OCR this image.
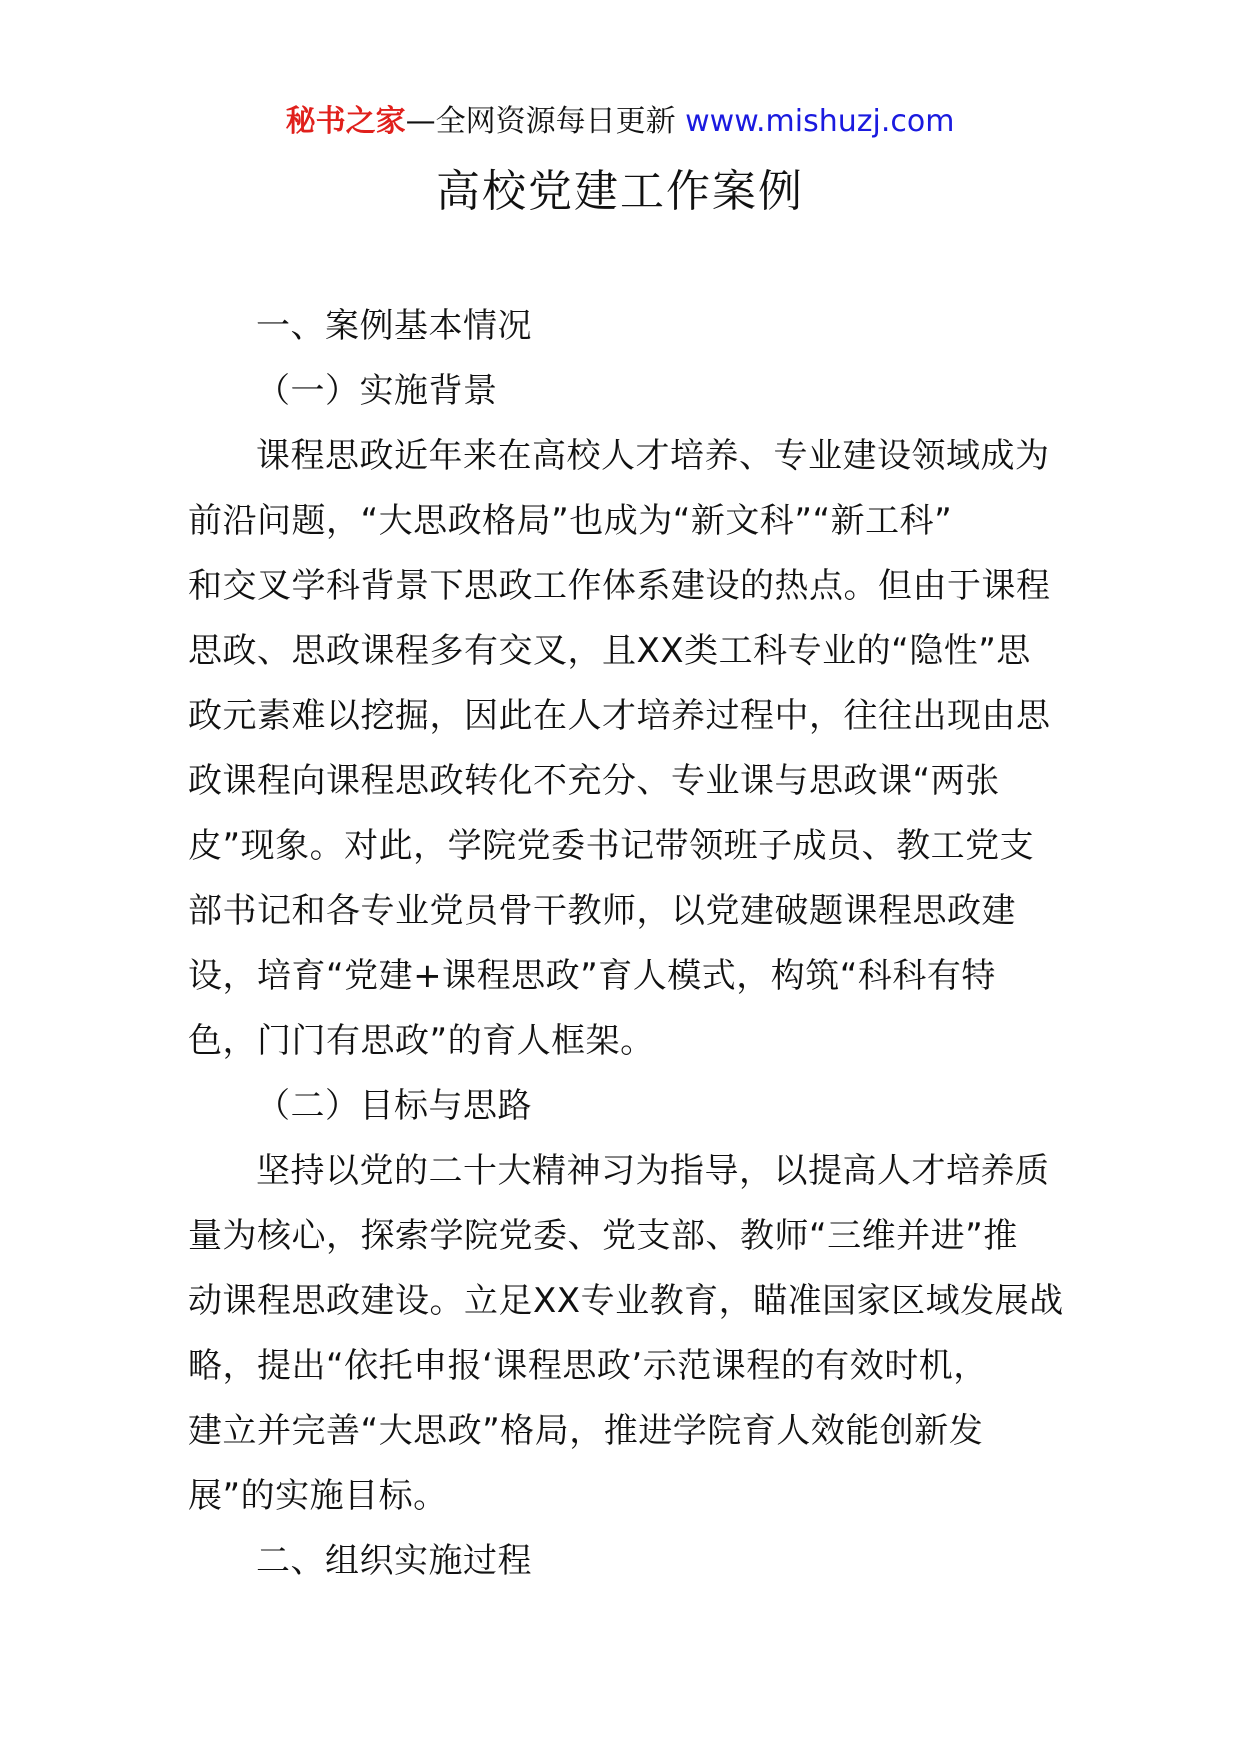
秘书之家—全网资源每日更新 www.mishuzj.com
高校党建工作案例
一、案例基本情况
（一）实施背景
课程思政近年来在高校人才培养、专业建设领域成为
前沿问题，“大思政格局”也成为“新文科”“新工科”
和交叉学科背景下思政工作体系建设的热点。但由于课程
思政、思政课程多有交叉，且XX类工科专业的“隐性”思
政元素难以挖掘，因此在人才培养过程中，往往出现由思
政课程向课程思政转化不充分、专业课与思政课“两张
皮”现象。对此，学院党委书记带领班子成员、教工党支
部书记和各专业党员骨干教师，以党建破题课程思政建
设，培育“党建+课程思政”育人模式，构筑“科科有特
色，门门有思政”的育人框架。
（二）目标与思路
坚持以党的二十大精神习为指导，以提高人才培养质
量为核心，探索学院党委、党支部、教师“三维并进”推
动课程思政建设。立足XX专业教育，瞄准国家区域发展战
略，提出“依托申报‘课程思政’示范课程的有效时机，
建立并完善“大思政”格局，推进学院育人效能创新发
展”的实施目标。
二、组织实施过程
